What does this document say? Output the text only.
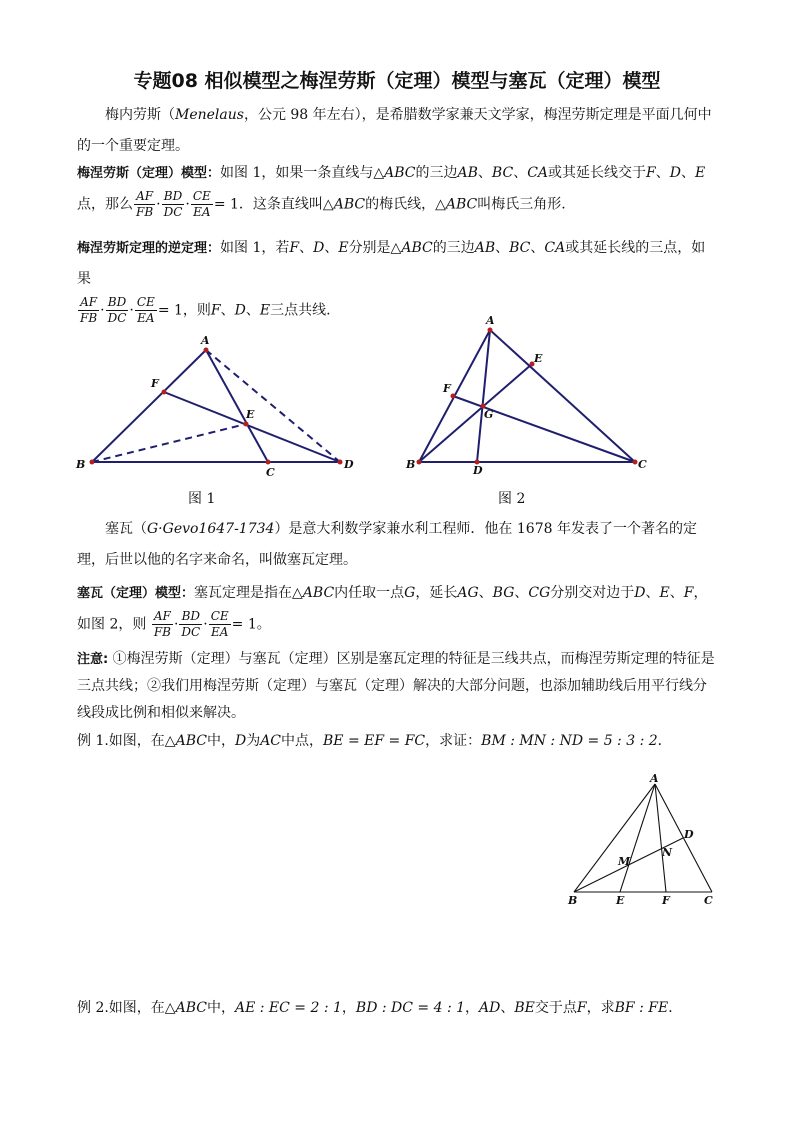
专题08 相似模型之梅涅劳斯（定理）模型与塞瓦（定理）模型

梅内劳斯（Menelaus，公元 98 年左右），是希腊数学家兼天文学家，梅涅劳斯定理是平面几何中的一个重要定理。

梅涅劳斯（定理）模型：如图 1，如果一条直线与△ABC的三边AB、BC、CA或其延长线交于F、D、E
点，那么 $\frac{AF}{FB} \cdot \frac{BD}{DC} \cdot \frac{CE}{EA} = 1$．这条直线叫△ABC的梅氏线，△ABC叫梅氏三角形.

梅涅劳斯定理的逆定理：如图 1，若F、D、E分别是△ABC的三边AB、BC、CA或其延长线的三点，如果

$\frac{AF}{FB} \cdot \frac{BD}{DC} \cdot \frac{CE}{EA} = 1$，则F、D、E三点共线.

A
B
C
D
E
F
图 1
A
B	C
D
E
F
G
图 2

塞瓦（G·Gevo1647-1734）是意大利数学家兼水利工程师．他在 1678 年发表了一个著名的定理，后世以他的名字来命名，叫做塞瓦定理。

塞瓦（定理）模型：塞瓦定理是指在△ABC内任取一点G，延长AG、BG、CG分别交对边于D、E、F，
如图 2，则 $\frac{AF}{FB} \cdot \frac{BD}{DC} \cdot \frac{CE}{EA} = 1$。

注意: ①梅涅劳斯（定理）与塞瓦（定理）区别是塞瓦定理的特征是三线共点，而梅涅劳斯定理的特征是三点共线；②我们用梅涅劳斯（定理）与塞瓦（定理）解决的大部分问题，也添加辅助线后用平行线分线段成比例和相似来解决。

例 1.如图，在△ABC中，D为AC中点，BE = EF = FC，求证：BM : MN : ND = 5 : 3 : 2．

A
B	C
D
E	F
M
N

例 2.如图，在△ABC中，AE : EC = 2 : 1，BD : DC = 4 : 1，AD、BE交于点F，求BF : FE．
